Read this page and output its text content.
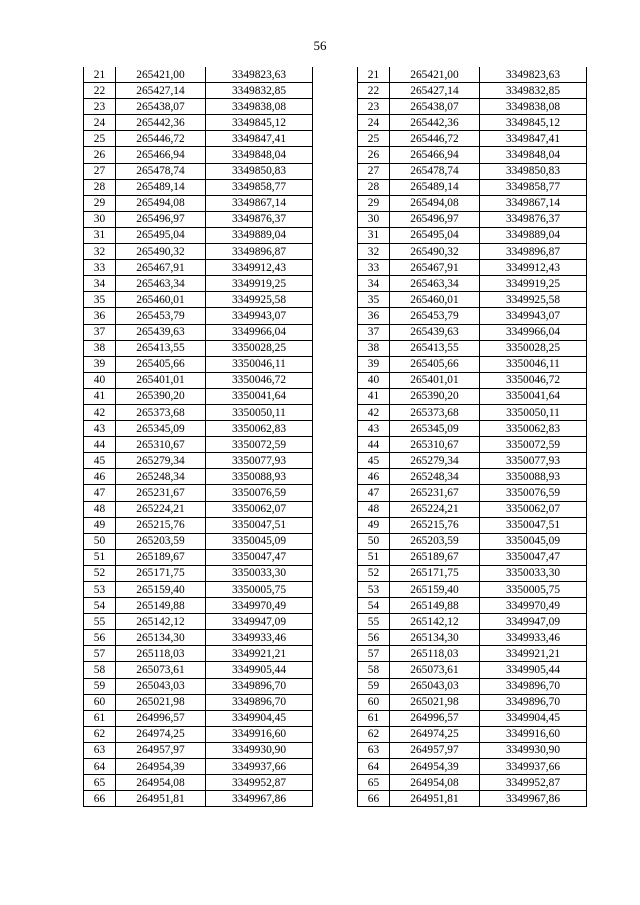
56
21	265421,00	3349823,63
22	265427,14	3349832,85
23	265438,07	3349838,08
24	265442,36	3349845,12
25	265446,72	3349847,41
26	265466,94	3349848,04
27	265478,74	3349850,83
28	265489,14	3349858,77
29	265494,08	3349867,14
30	265496,97	3349876,37
31	265495,04	3349889,04
32	265490,32	3349896,87
33	265467,91	3349912,43
34	265463,34	3349919,25
35	265460,01	3349925,58
36	265453,79	3349943,07
37	265439,63	3349966,04
38	265413,55	3350028,25
39	265405,66	3350046,11
40	265401,01	3350046,72
41	265390,20	3350041,64
42	265373,68	3350050,11
43	265345,09	3350062,83
44	265310,67	3350072,59
45	265279,34	3350077,93
46	265248,34	3350088,93
47	265231,67	3350076,59
48	265224,21	3350062,07
49	265215,76	3350047,51
50	265203,59	3350045,09
51	265189,67	3350047,47
52	265171,75	3350033,30
53	265159,40	3350005,75
54	265149,88	3349970,49
55	265142,12	3349947,09
56	265134,30	3349933,46
57	265118,03	3349921,21
58	265073,61	3349905,44
59	265043,03	3349896,70
60	265021,98	3349896,70
61	264996,57	3349904,45
62	264974,25	3349916,60
63	264957,97	3349930,90
64	264954,39	3349937,66
65	264954,08	3349952,87
66	264951,81	3349967,86
21	265421,00	3349823,63
22	265427,14	3349832,85
23	265438,07	3349838,08
24	265442,36	3349845,12
25	265446,72	3349847,41
26	265466,94	3349848,04
27	265478,74	3349850,83
28	265489,14	3349858,77
29	265494,08	3349867,14
30	265496,97	3349876,37
31	265495,04	3349889,04
32	265490,32	3349896,87
33	265467,91	3349912,43
34	265463,34	3349919,25
35	265460,01	3349925,58
36	265453,79	3349943,07
37	265439,63	3349966,04
38	265413,55	3350028,25
39	265405,66	3350046,11
40	265401,01	3350046,72
41	265390,20	3350041,64
42	265373,68	3350050,11
43	265345,09	3350062,83
44	265310,67	3350072,59
45	265279,34	3350077,93
46	265248,34	3350088,93
47	265231,67	3350076,59
48	265224,21	3350062,07
49	265215,76	3350047,51
50	265203,59	3350045,09
51	265189,67	3350047,47
52	265171,75	3350033,30
53	265159,40	3350005,75
54	265149,88	3349970,49
55	265142,12	3349947,09
56	265134,30	3349933,46
57	265118,03	3349921,21
58	265073,61	3349905,44
59	265043,03	3349896,70
60	265021,98	3349896,70
61	264996,57	3349904,45
62	264974,25	3349916,60
63	264957,97	3349930,90
64	264954,39	3349937,66
65	264954,08	3349952,87
66	264951,81	3349967,86
